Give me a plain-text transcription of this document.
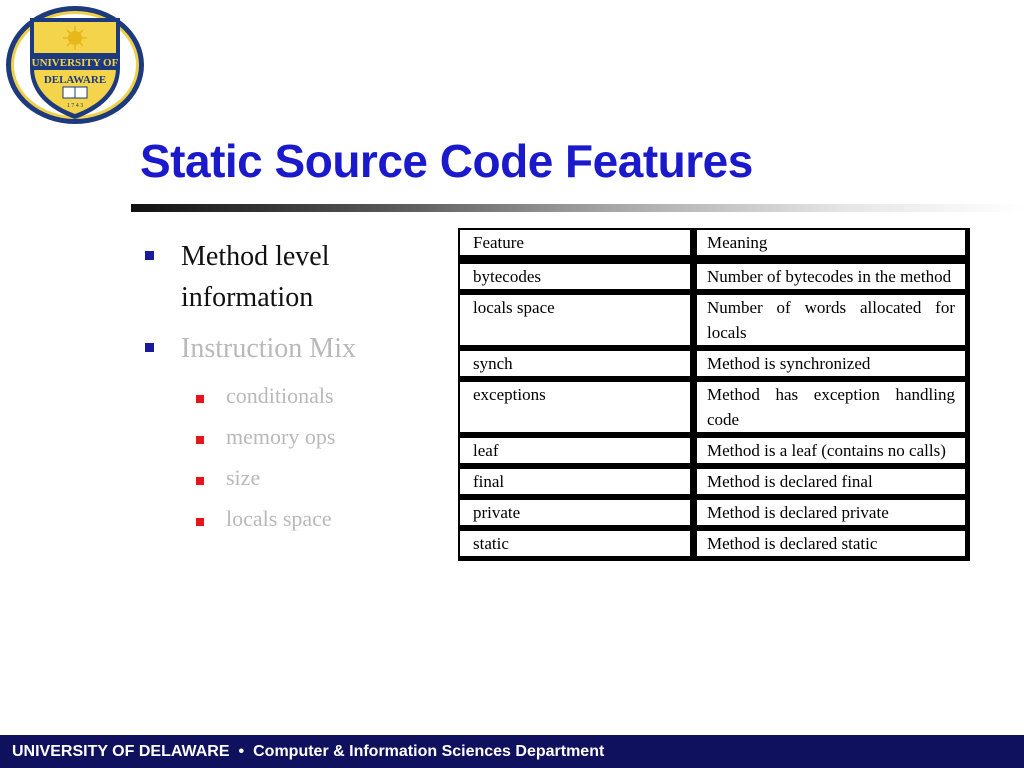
UNIVERSITY OF
DELAWARE
1 7 4 3
Static Source Code Features
Method level information
Instruction Mix
conditionals
memory ops
size
locals space
Feature	Meaning
bytecodes	Number of bytecodes in the method
locals space	Number of words allocated for locals
synch	Method is synchronized
exceptions	Method has exception handling code
leaf	Method is a leaf (contains no calls)
final	Method is declared final
private	Method is declared private
static	Method is declared static
UNIVERSITY OF DELAWARE • Computer & Information Sciences Department
